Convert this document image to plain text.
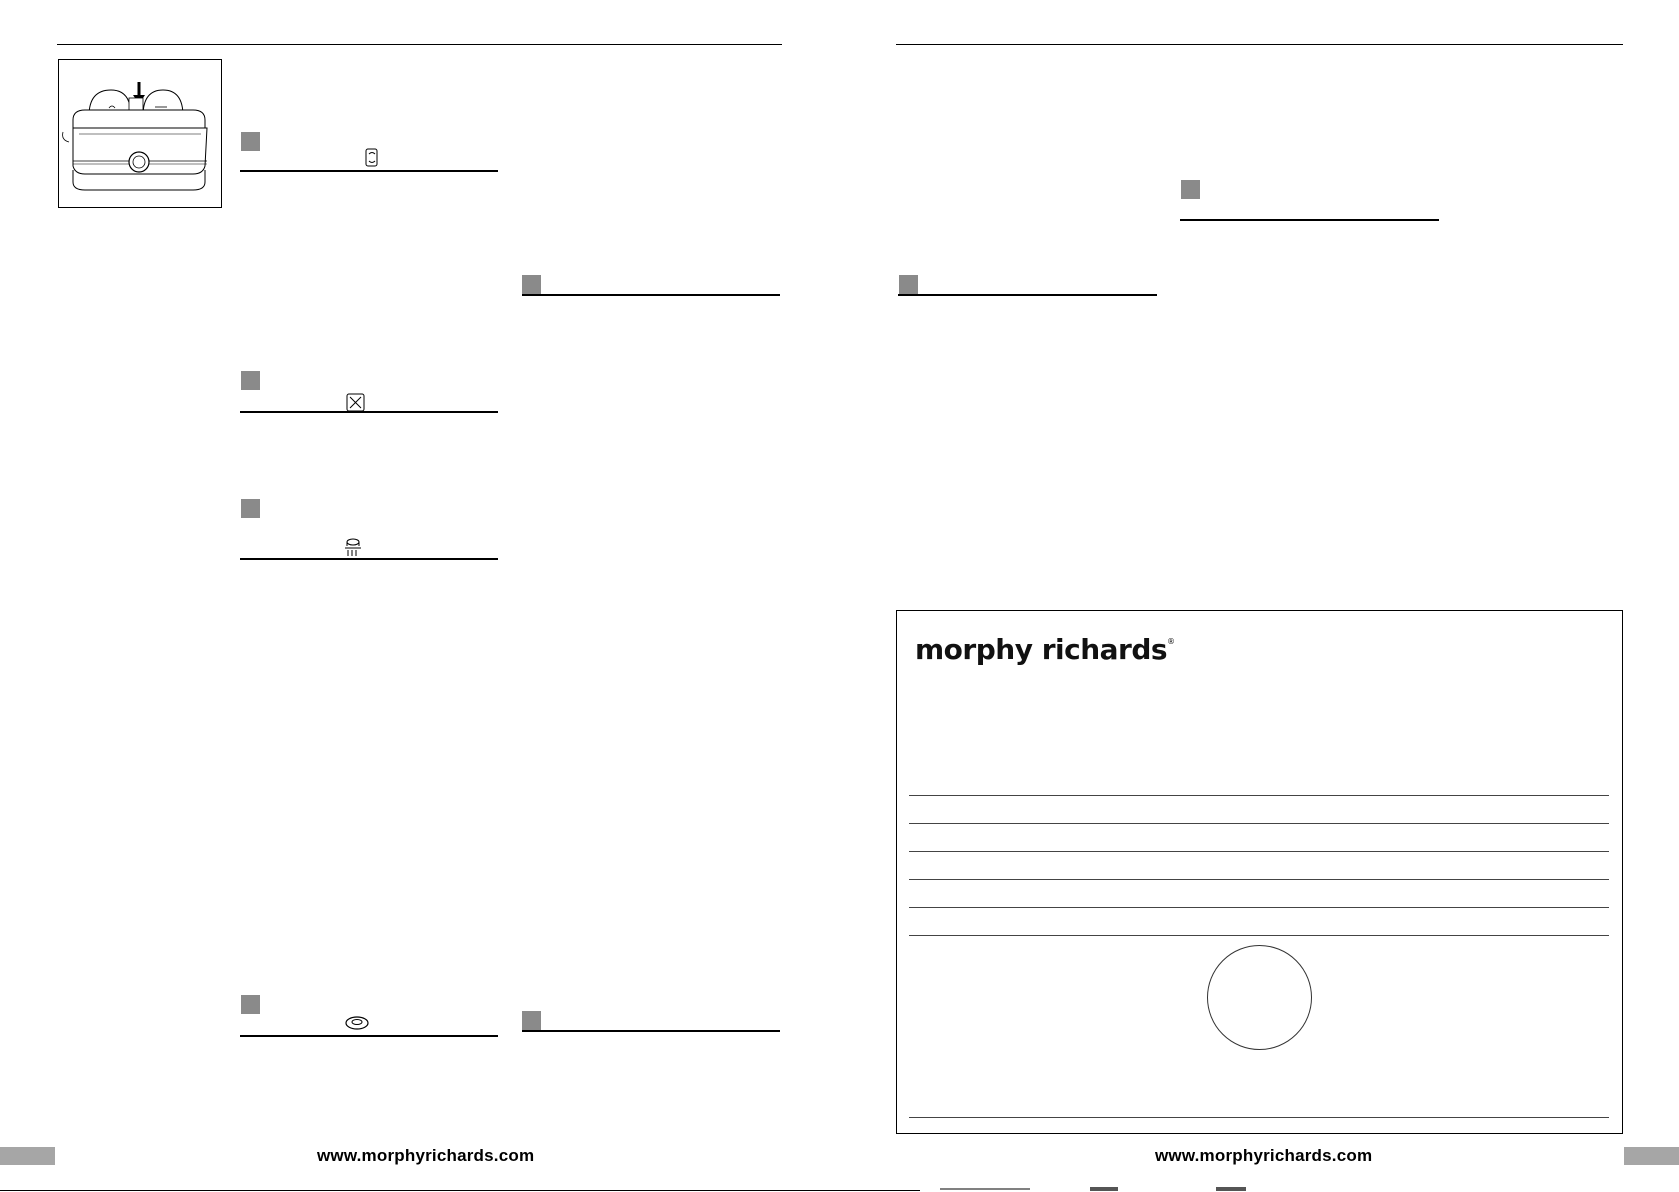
www.morphyrichards.com
morphy richards®
www.morphyrichards.com
